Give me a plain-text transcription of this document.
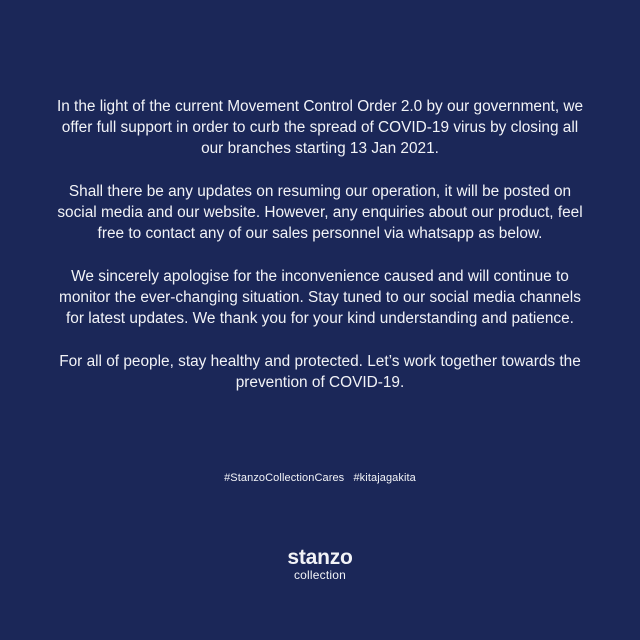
In the light of the current Movement Control Order 2.0 by our government, we offer full support in order to curb the spread of COVID-19 virus by closing all our branches starting 13 Jan 2021.

Shall there be any updates on resuming our operation, it will be posted on social media and our website. However, any enquiries about our product, feel free to contact any of our sales personnel via whatsapp as below.

We sincerely apologise for the inconvenience caused and will continue to monitor the ever-changing situation. Stay tuned to our social media channels for latest updates. We thank you for your kind understanding and patience.

For all of people, stay healthy and protected. Let’s work together towards the prevention of COVID-19.

#StanzoCollectionCares #kitajagakita
stanzo
collection
